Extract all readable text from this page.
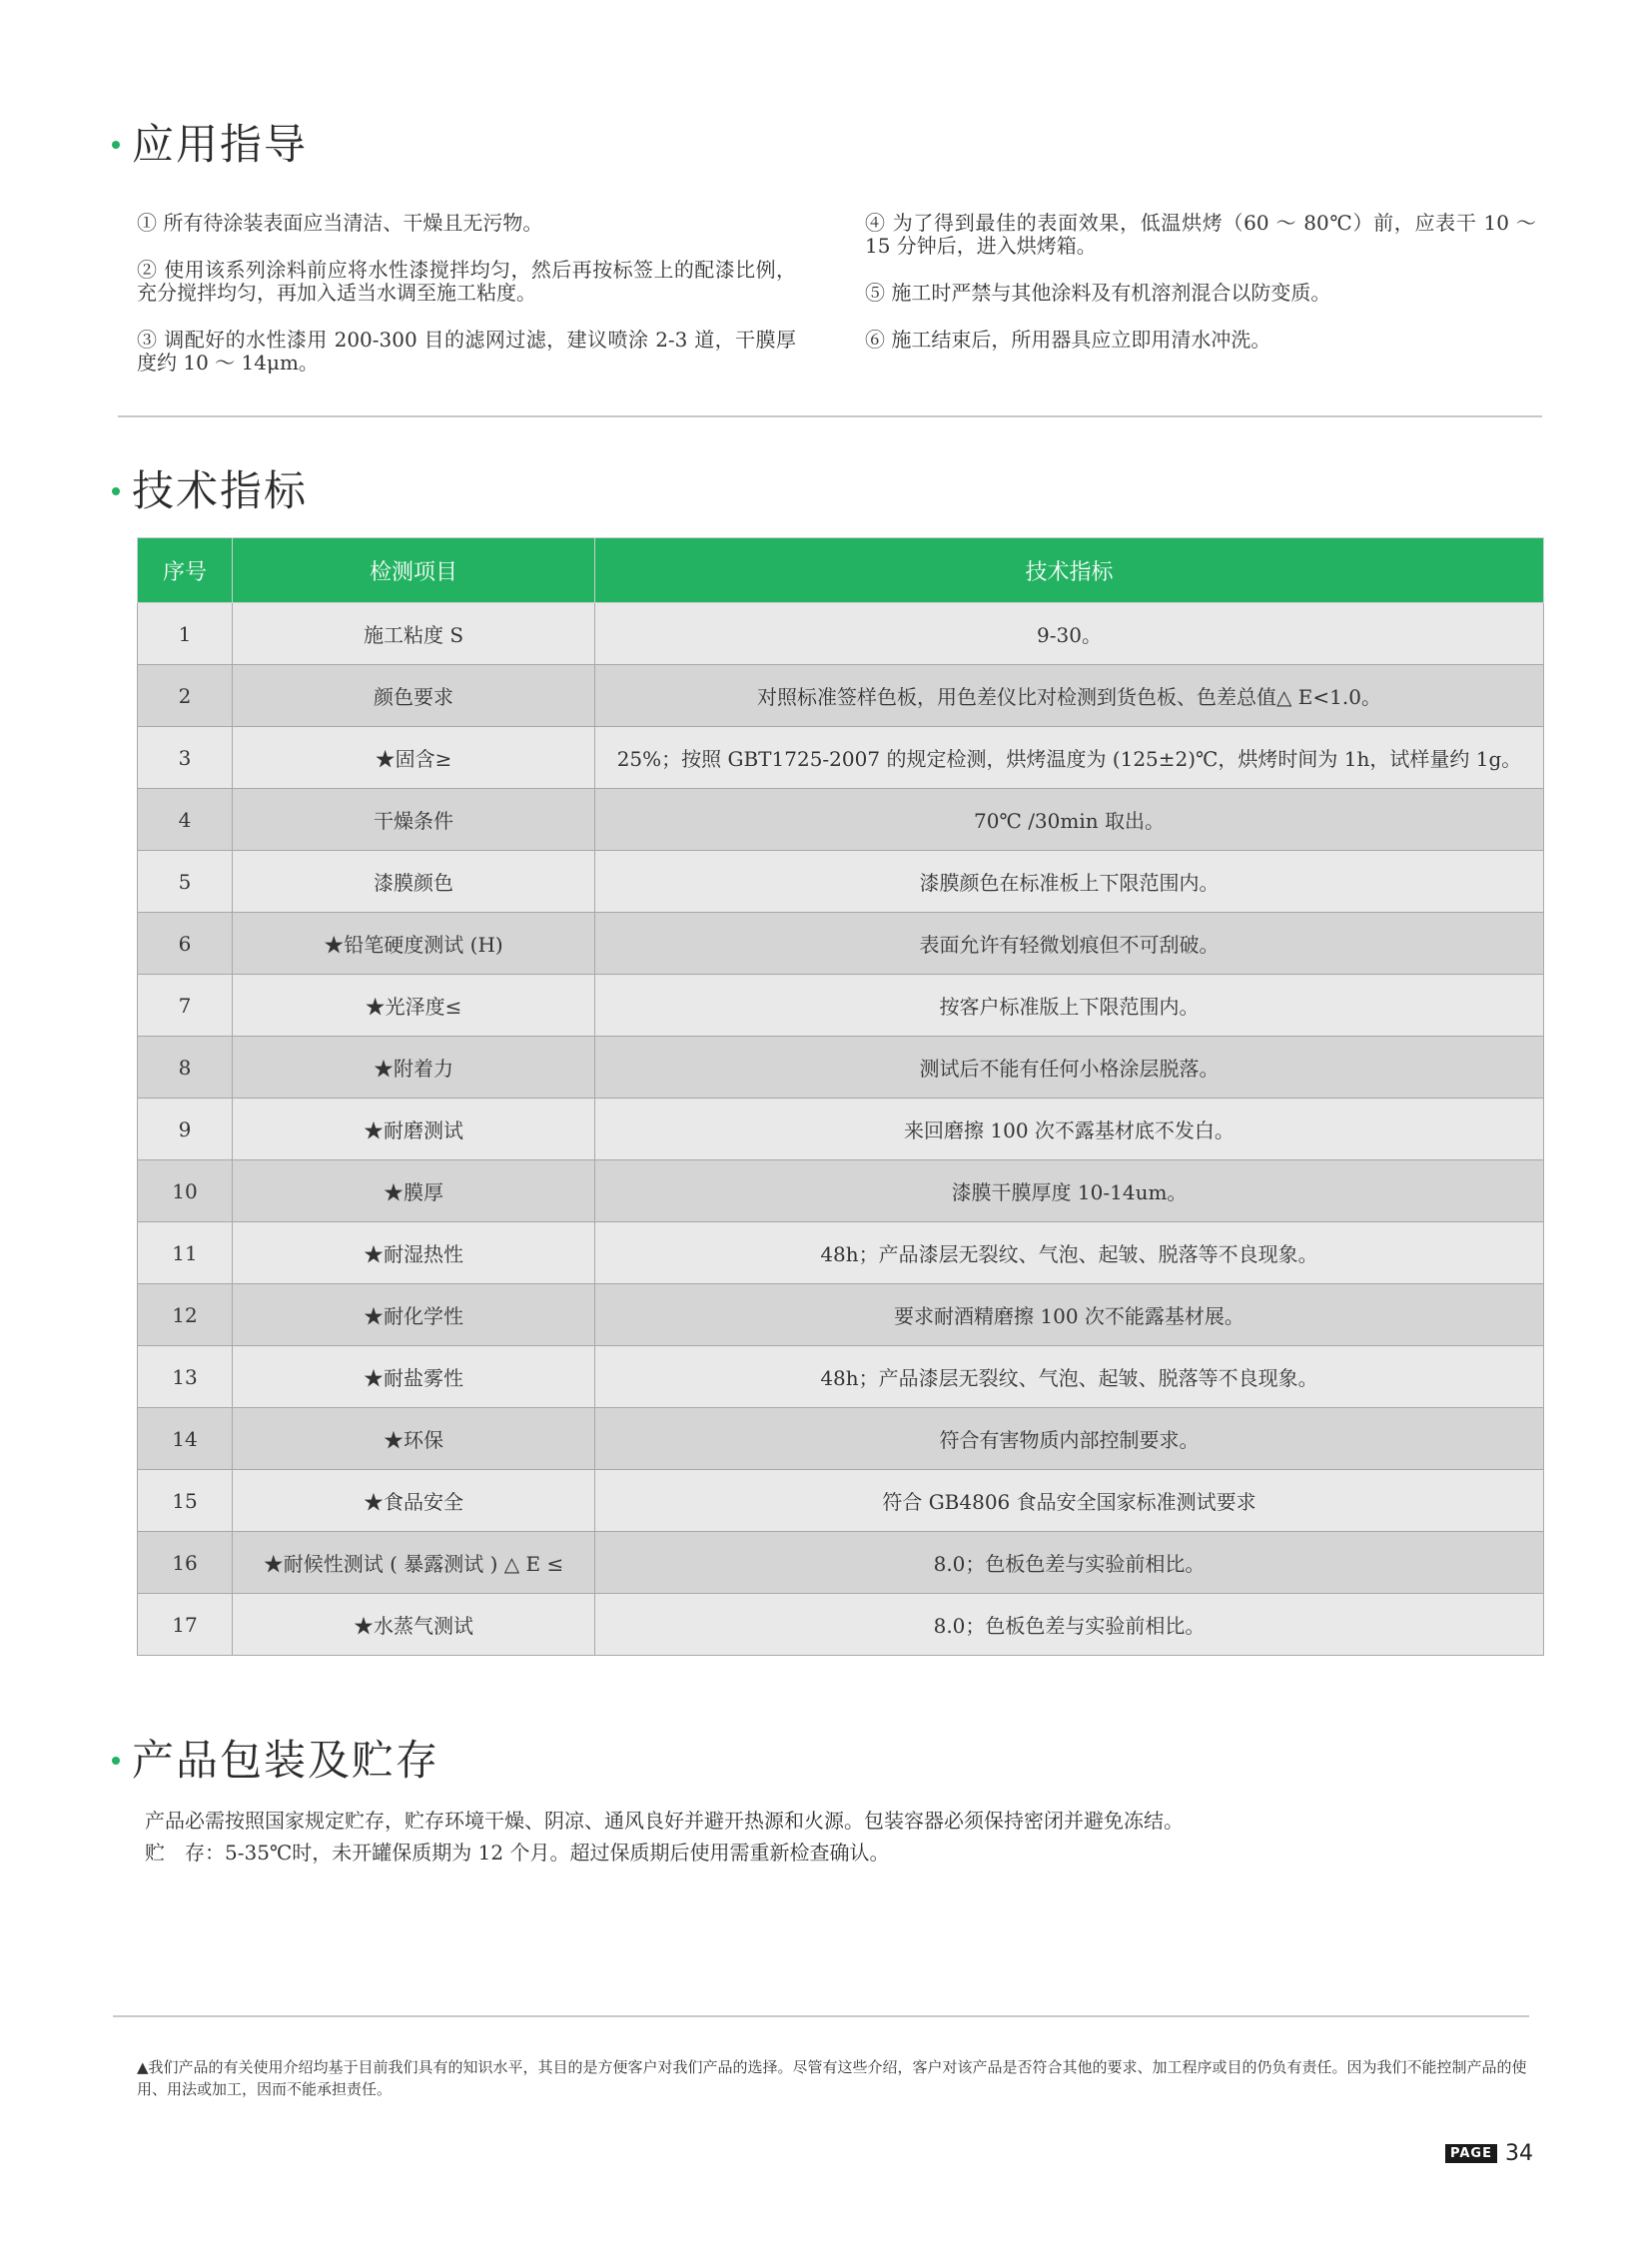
应用指导
① 所有待涂装表面应当清洁、干燥且无污物。
② 使用该系列涂料前应将水性漆搅拌均匀，然后再按标签上的配漆比例，充分搅拌均匀，再加入适当水调至施工粘度。
③ 调配好的水性漆用 200-300 目的滤网过滤，建议喷涂 2-3 道，干膜厚度约 10 ～ 14μm。
④ 为了得到最佳的表面效果，低温烘烤（60 ～ 80℃）前，应表干 10 ～ 15 分钟后，进入烘烤箱。
⑤ 施工时严禁与其他涂料及有机溶剂混合以防变质。
⑥ 施工结束后，所用器具应立即用清水冲洗。
技术指标
序号	检测项目	技术指标
1	施工粘度 S	9-30。
2	颜色要求	对照标准签样色板，用色差仪比对检测到货色板、色差总值△ E<1.0。
3	★固含≥	25%；按照 GBT1725-2007 的规定检测，烘烤温度为 (125±2)℃，烘烤时间为 1h，试样量约 1g。
4	干燥条件	70℃ /30min 取出。
5	漆膜颜色	漆膜颜色在标准板上下限范围内。
6	★铅笔硬度测试 (H)	表面允许有轻微划痕但不可刮破。
7	★光泽度≤	按客户标准版上下限范围内。
8	★附着力	测试后不能有任何小格涂层脱落。
9	★耐磨测试	来回磨擦 100 次不露基材底不发白。
10	★膜厚	漆膜干膜厚度 10-14um。
11	★耐湿热性	48h；产品漆层无裂纹、气泡、起皱、脱落等不良现象。
12	★耐化学性	要求耐酒精磨擦 100 次不能露基材展。
13	★耐盐雾性	48h；产品漆层无裂纹、气泡、起皱、脱落等不良现象。
14	★环保	符合有害物质内部控制要求。
15	★食品安全	符合 GB4806 食品安全国家标准测试要求
16	★耐候性测试 ( 暴露测试 ) △ E ≤	8.0；色板色差与实验前相比。
17	★水蒸气测试	8.0；色板色差与实验前相比。
产品包装及贮存
产品必需按照国家规定贮存，贮存环境干燥、阴凉、通风良好并避开热源和火源。包装容器必须保持密闭并避免冻结。
贮　存：5-35℃时，未开罐保质期为 12 个月。超过保质期后使用需重新检查确认。
▲我们产品的有关使用介绍均基于目前我们具有的知识水平，其目的是方便客户对我们产品的选择。尽管有这些介绍，客户对该产品是否符合其他的要求、加工程序或目的仍负有责任。因为我们不能控制产品的使用、用法或加工，因而不能承担责任。
PAGE 34
